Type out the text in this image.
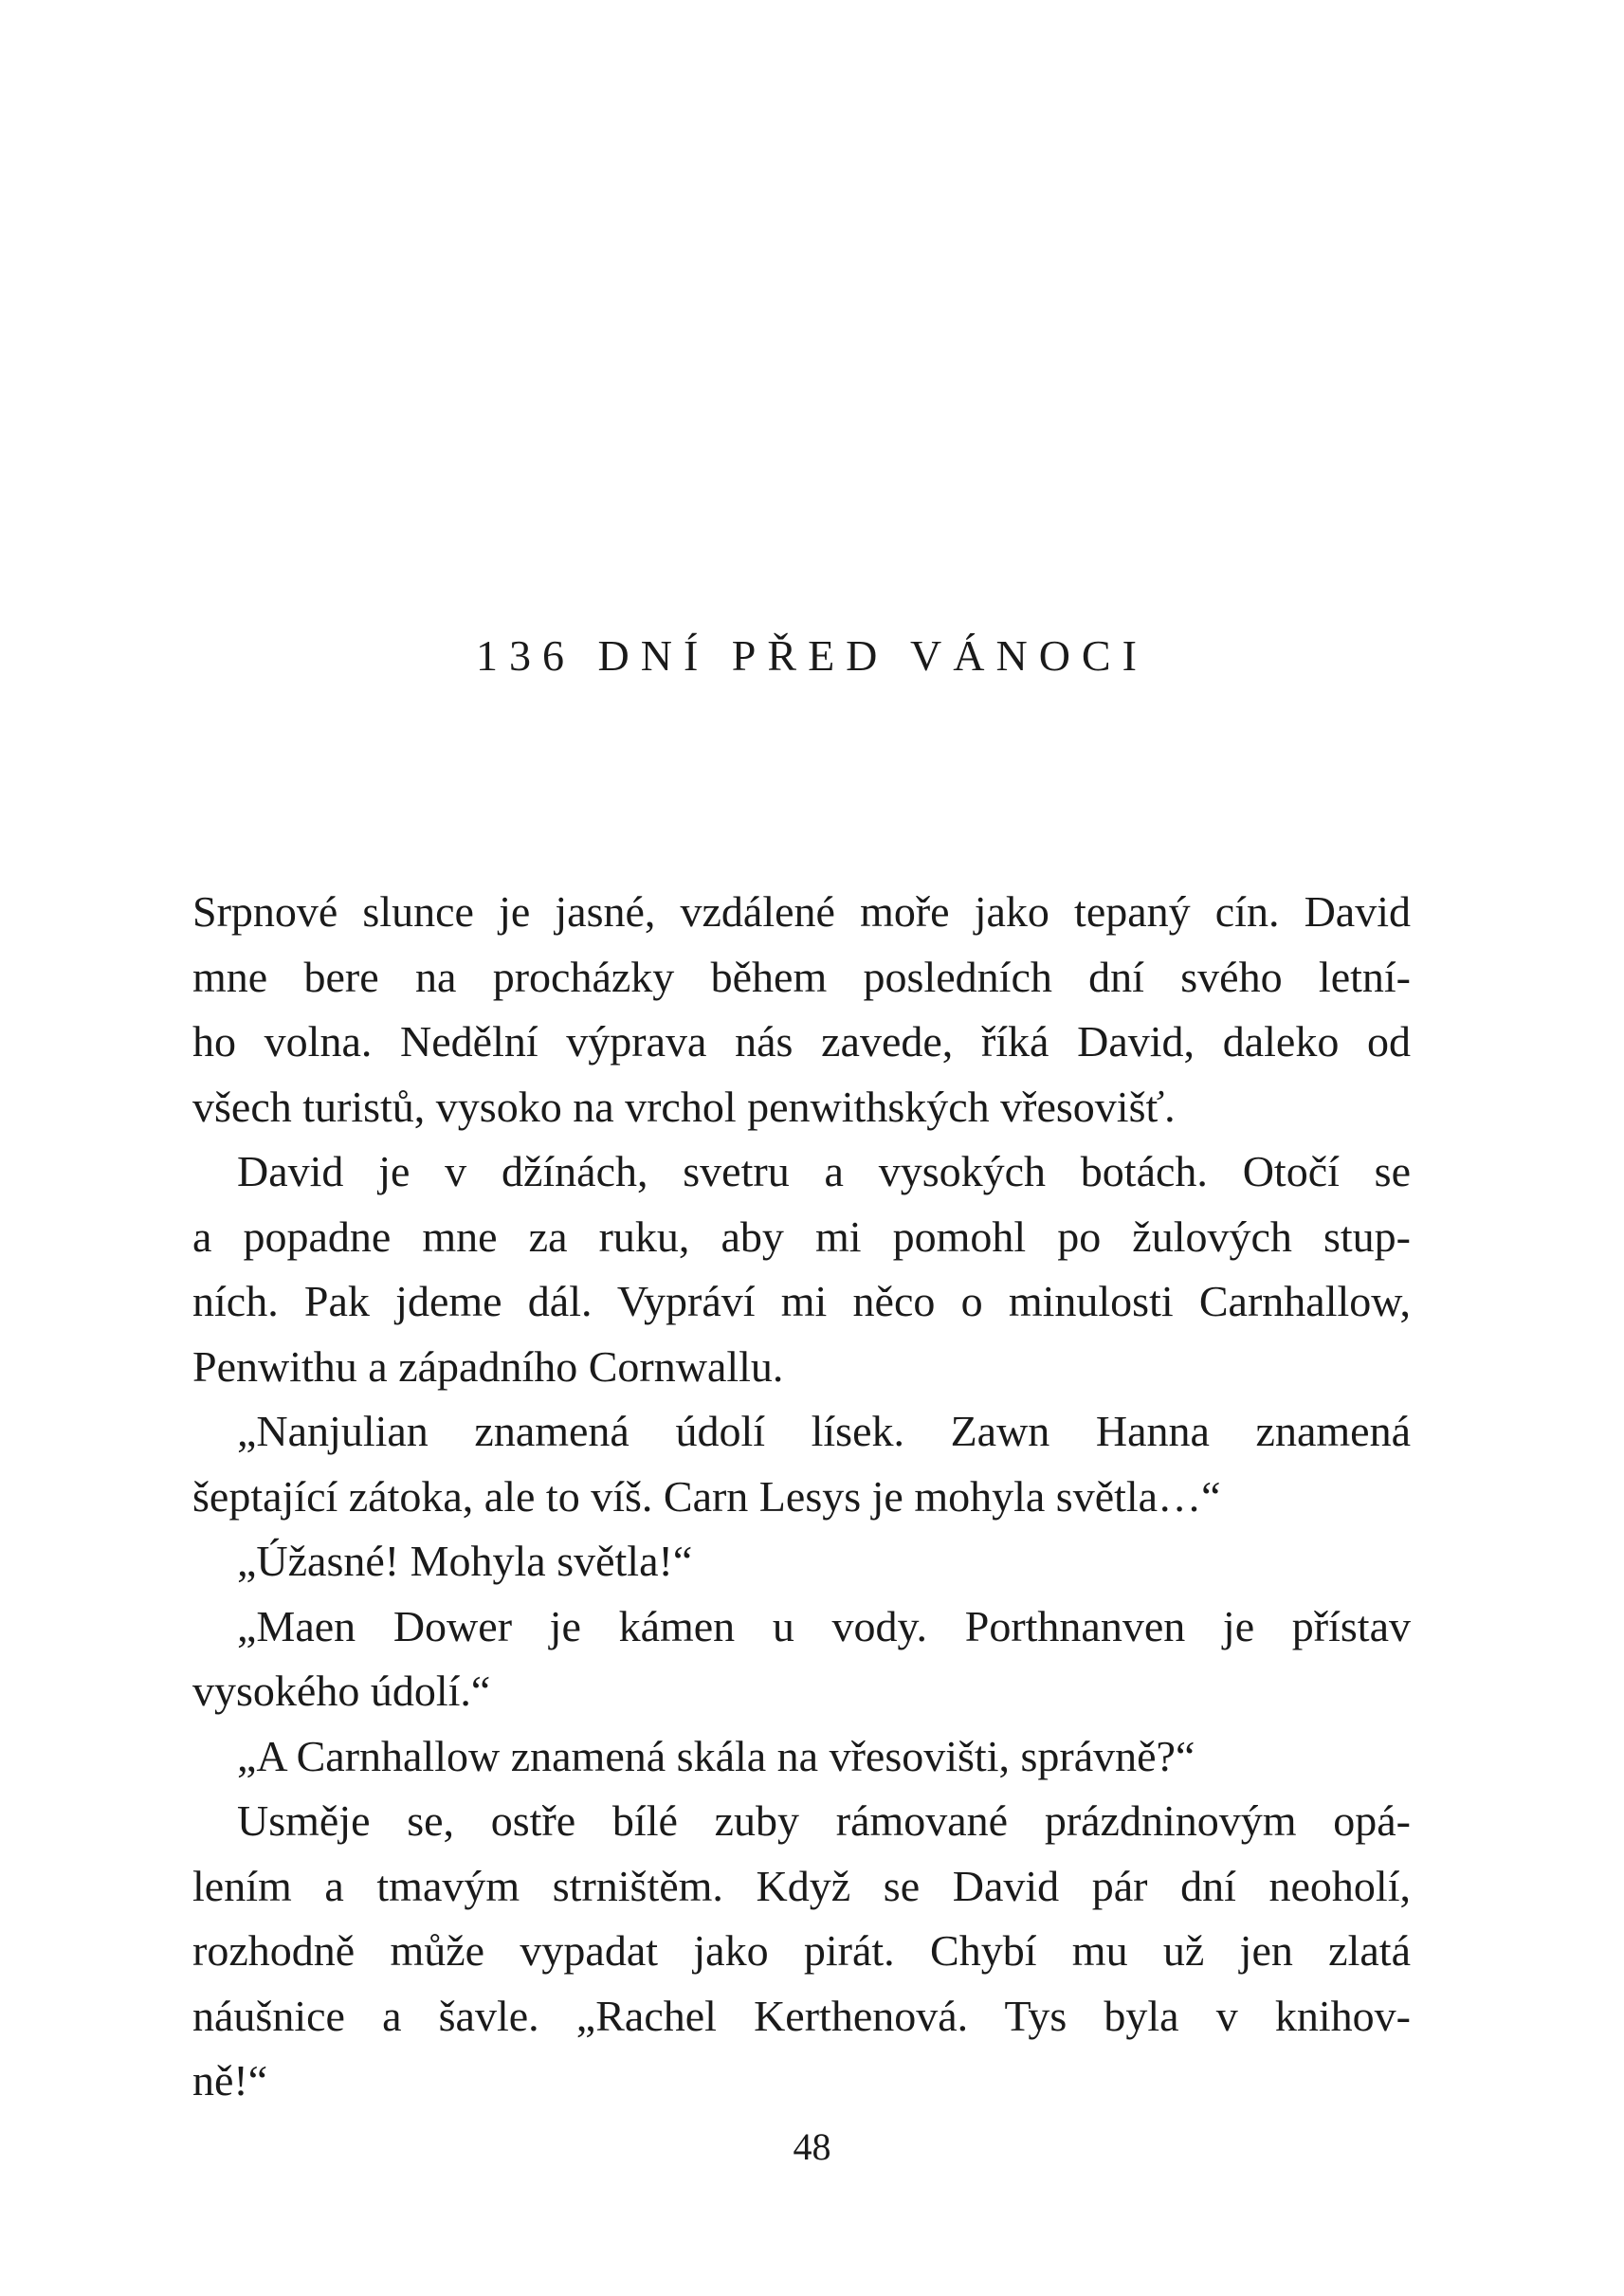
136 DNÍ PŘED VÁNOCI
Srpnové slunce je jasné, vzdálené moře jako tepaný cín. David
mne bere na procházky během posledních dní svého letní-
ho volna. Nedělní výprava nás zavede, říká David, daleko od
všech turistů, vysoko na vrchol penwithských vřesovišť.
David je v džínách, svetru a vysokých botách. Otočí se
a popadne mne za ruku, aby mi pomohl po žulových stup-
ních. Pak jdeme dál. Vypráví mi něco o minulosti Carnhallow,
Penwithu a západního Cornwallu.
„Nanjulian znamená údolí lísek. Zawn Hanna znamená
šeptající zátoka, ale to víš. Carn Lesys je mohyla světla…“
„Úžasné! Mohyla světla!“
„Maen Dower je kámen u vody. Porthnanven je přístav
vysokého údolí.“
„A Carnhallow znamená skála na vřesovišti, správně?“
Usměje se, ostře bílé zuby rámované prázdninovým opá-
lením a tmavým strništěm. Když se David pár dní neoholí,
rozhodně může vypadat jako pirát. Chybí mu už jen zlatá
náušnice a šavle. „Rachel Kerthenová. Tys byla v knihov-
ně!“
48
